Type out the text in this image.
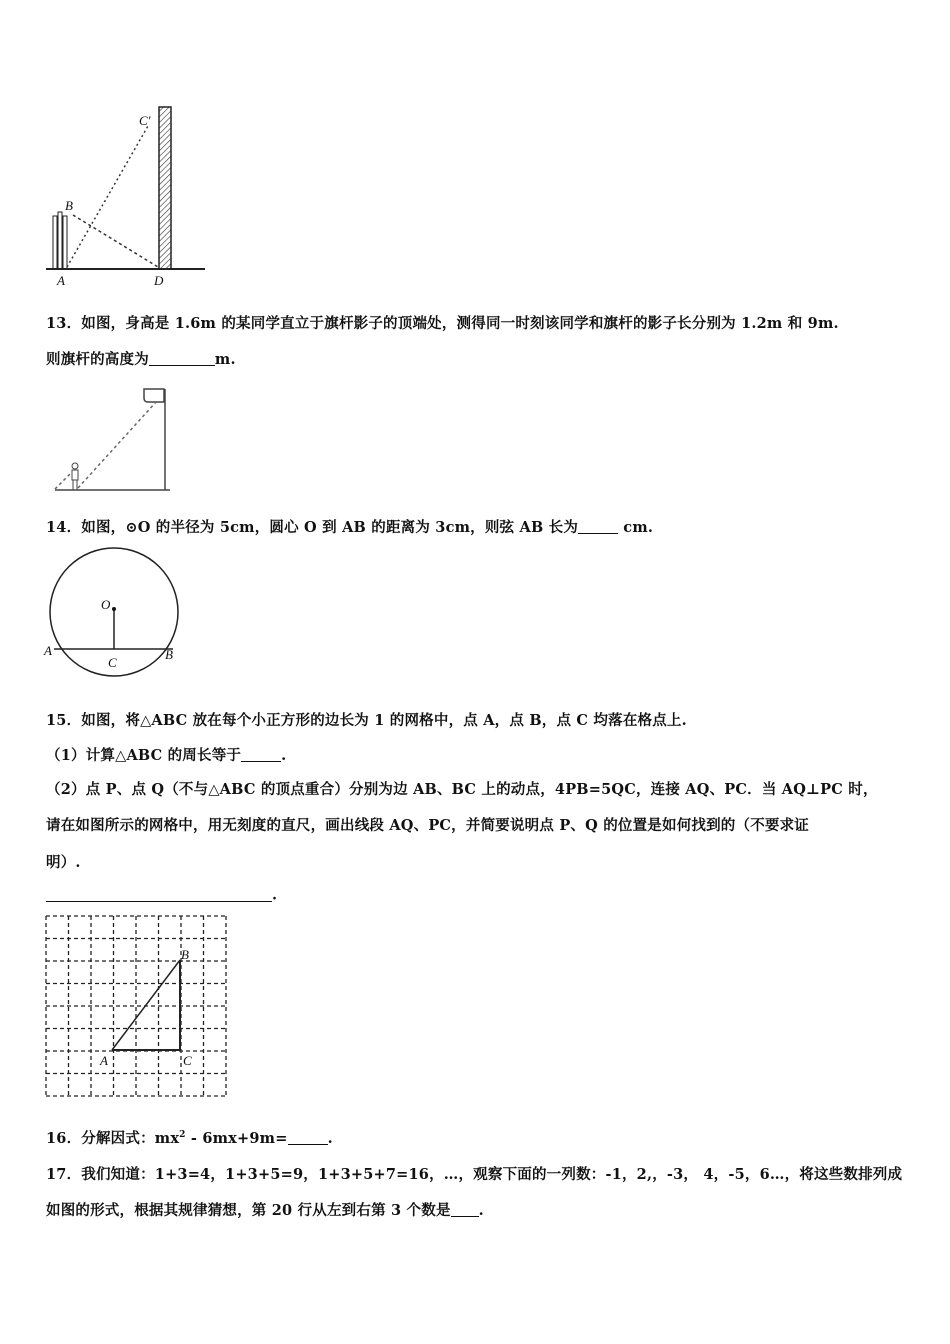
C'
B
A	D
13．如图，身高是 1.6m 的某同学直立于旗杆影子的顶端处，测得同一时刻该同学和旗杆的影子长分别为 1.2m 和 9m.
则旗杆的高度为	m.
14．如图，⊙O 的半径为 5cm，圆心 O 到 AB 的距离为 3cm，则弦 AB 长为	cm.
O
A	B
C
15．如图，将△ABC 放在每个小正方形的边长为 1 的网格中，点 A，点 B，点 C 均落在格点上.
（1）计算△ABC 的周长等于	.
（2）点 P、点 Q（不与△ABC 的顶点重合）分别为边 AB、BC 上的动点，4PB=5QC，连接 AQ、PC．当 AQ⊥PC 时，
请在如图所示的网格中，用无刻度的直尺，画出线段 AQ、PC，并简要说明点 P、Q 的位置是如何找到的（不要求证
明）.
.
A
B
C
16．分解因式：$mx^2 - 6mx+9m=$	.
17．我们知道：1+3=4，1+3+5=9，1+3+5+7=16，…，观察下面的一列数：-1，2,，-3， 4，-5，6…，将这些数排列成
如图的形式，根据其规律猜想，第 20 行从左到右第 3 个数是 .
